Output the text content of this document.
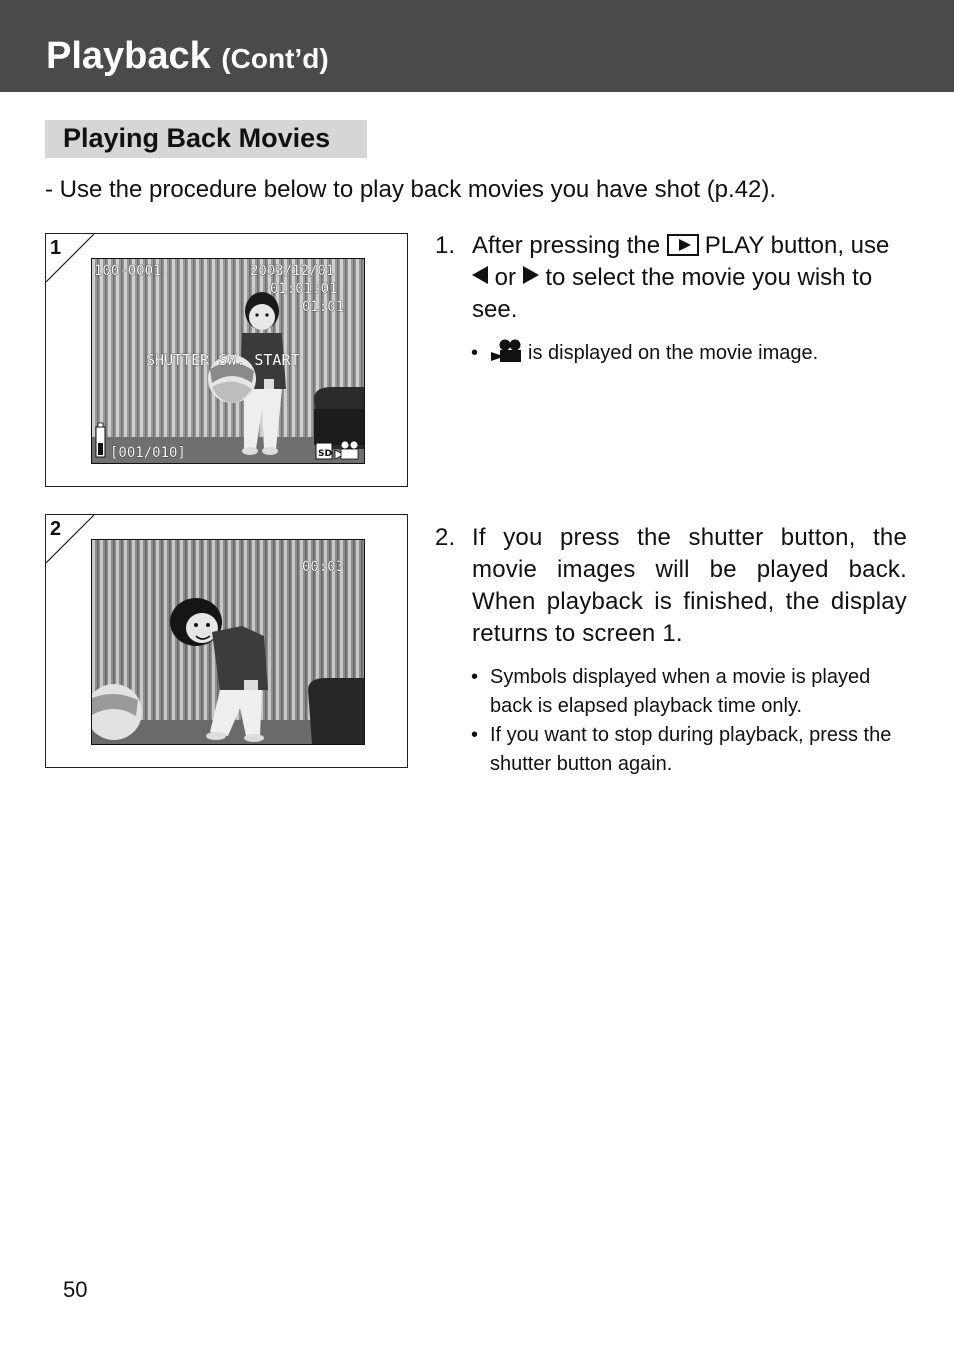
Playback (Cont’d)
Playing Back Movies
- Use the procedure below to play back movies you have shot (p.42).
1
100-0001	2003/12/01
01:01:01
01:01
SHUTTER SW. START
[001/010]	SD
1. After pressing the PLAY button, use
or to select the movie you wish to see.
•	is displayed on the movie image.
2
00:03
2. If you press the shutter button, the movie images will be played back. When playback is finished, the display returns to screen 1.
• Symbols displayed when a movie is played back is elapsed playback time only.
• If you want to stop during playback, press the shutter button again.
50
